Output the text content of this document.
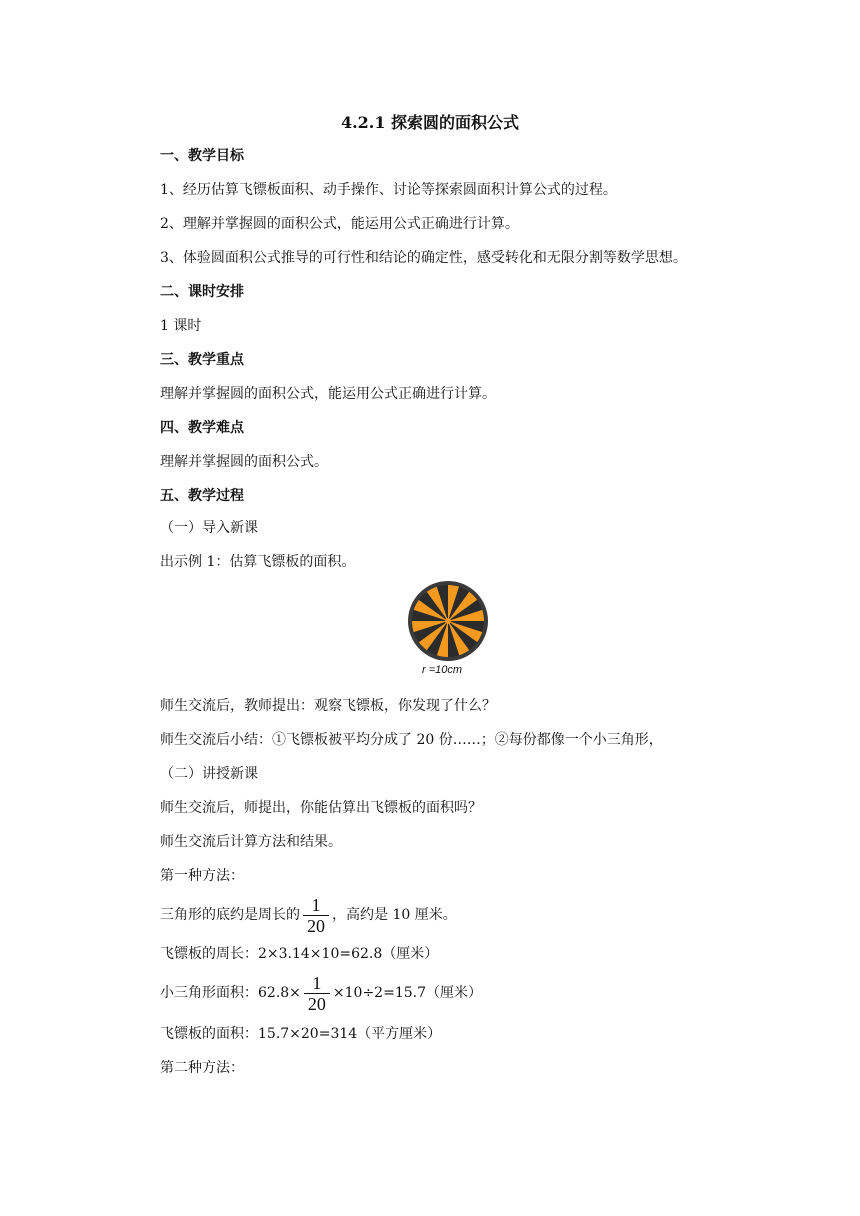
4.2.1 探索圆的面积公式
一、教学目标
1、经历估算飞镖板面积、动手操作、讨论等探索圆面积计算公式的过程。
2、理解并掌握圆的面积公式，能运用公式正确进行计算。
3、体验圆面积公式推导的可行性和结论的确定性，感受转化和无限分割等数学思想。
二、课时安排
1 课时
三、教学重点
理解并掌握圆的面积公式，能运用公式正确进行计算。
四、教学难点
理解并掌握圆的面积公式。
五、教学过程
（一）导入新课
出示例 1：估算飞镖板的面积。
r =10cm
师生交流后，教师提出：观察飞镖板，你发现了什么？
师生交流后小结：①飞镖板被平均分成了 20 份……；②每份都像一个小三角形，
（二）讲授新课
师生交流后，师提出，你能估算出飞镖板的面积吗？
师生交流后计算方法和结果。
第一种方法：
三角形的底约是周长的 $\frac{1}{20}$ ，高约是 10 厘米。
飞镖板的周长：2×3.14×10=62.8（厘米）
小三角形面积：$62.8\times \frac{1}{20} \times 10\div 2=15.7$（厘米）
飞镖板的面积：15.7×20=314（平方厘米）
第二种方法：
